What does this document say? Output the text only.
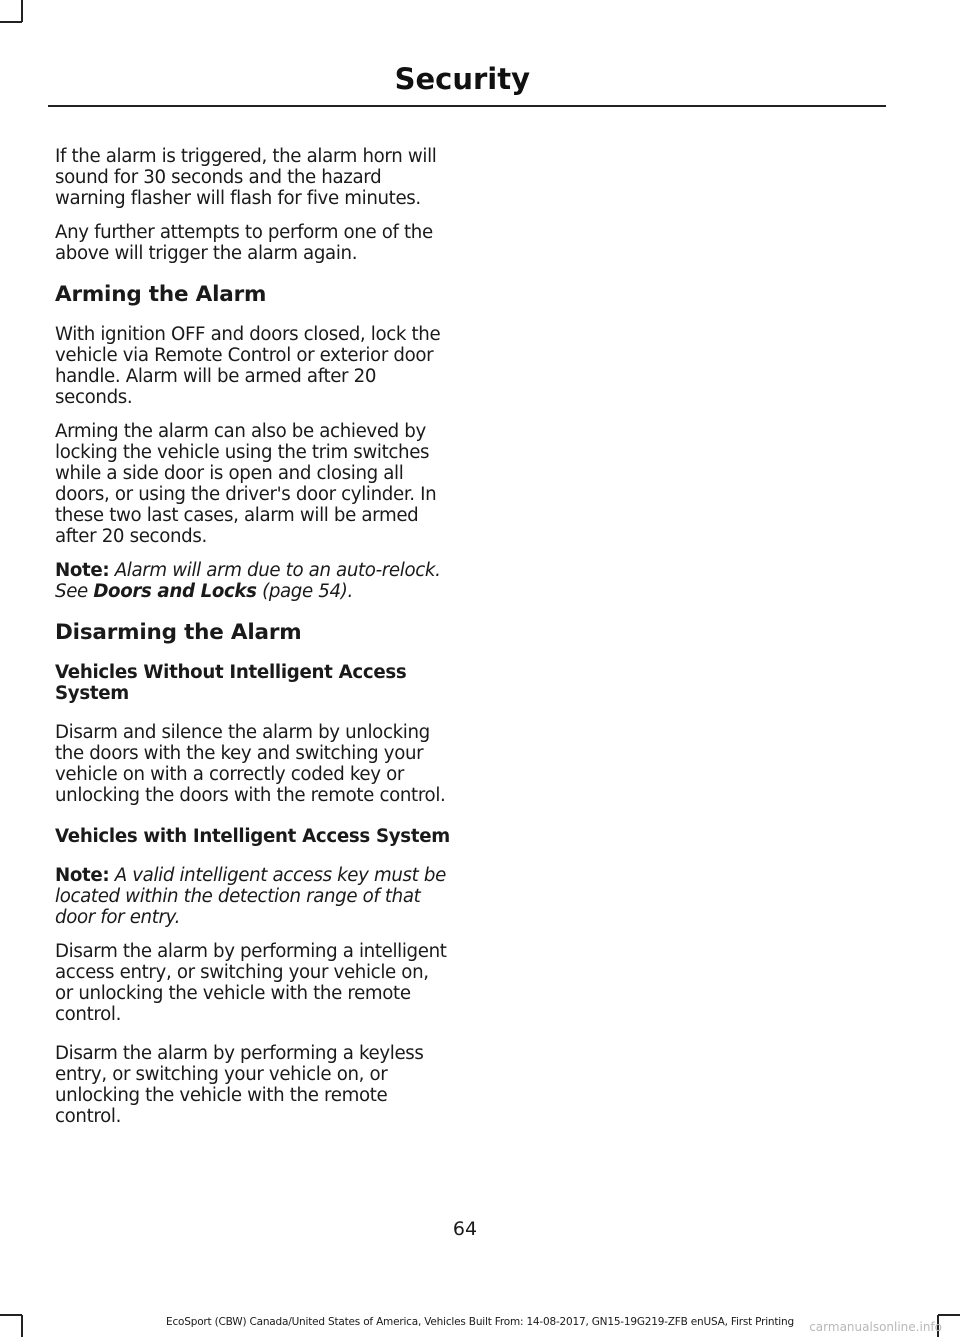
Security

If the alarm is triggered, the alarm horn will sound for 30 seconds and the hazard warning flasher will flash for five minutes.

Any further attempts to perform one of the above will trigger the alarm again.

Arming the Alarm

With ignition OFF and doors closed, lock the vehicle via Remote Control or exterior door handle. Alarm will be armed after 20 seconds.

Arming the alarm can also be achieved by locking the vehicle using the trim switches while a side door is open and closing all doors, or using the driver's door cylinder. In these two last cases, alarm will be armed after 20 seconds.

Note: Alarm will arm due to an auto-relock. See Doors and Locks (page 54).

Disarming the Alarm
Vehicles Without Intelligent Access System

Disarm and silence the alarm by unlocking the doors with the key and switching your vehicle on with a correctly coded key or unlocking the doors with the remote control.

Vehicles with Intelligent Access System

Note: A valid intelligent access key must be located within the detection range of that door for entry.

Disarm the alarm by performing a intelligent access entry, or switching your vehicle on, or unlocking the vehicle with the remote control.

Disarm the alarm by performing a keyless entry, or switching your vehicle on, or unlocking the vehicle with the remote control.

64
EcoSport (CBW) Canada/United States of America, Vehicles Built From: 14-08-2017, GN15-19G219-ZFB enUSA, First Printing	carmanualsonline.info
